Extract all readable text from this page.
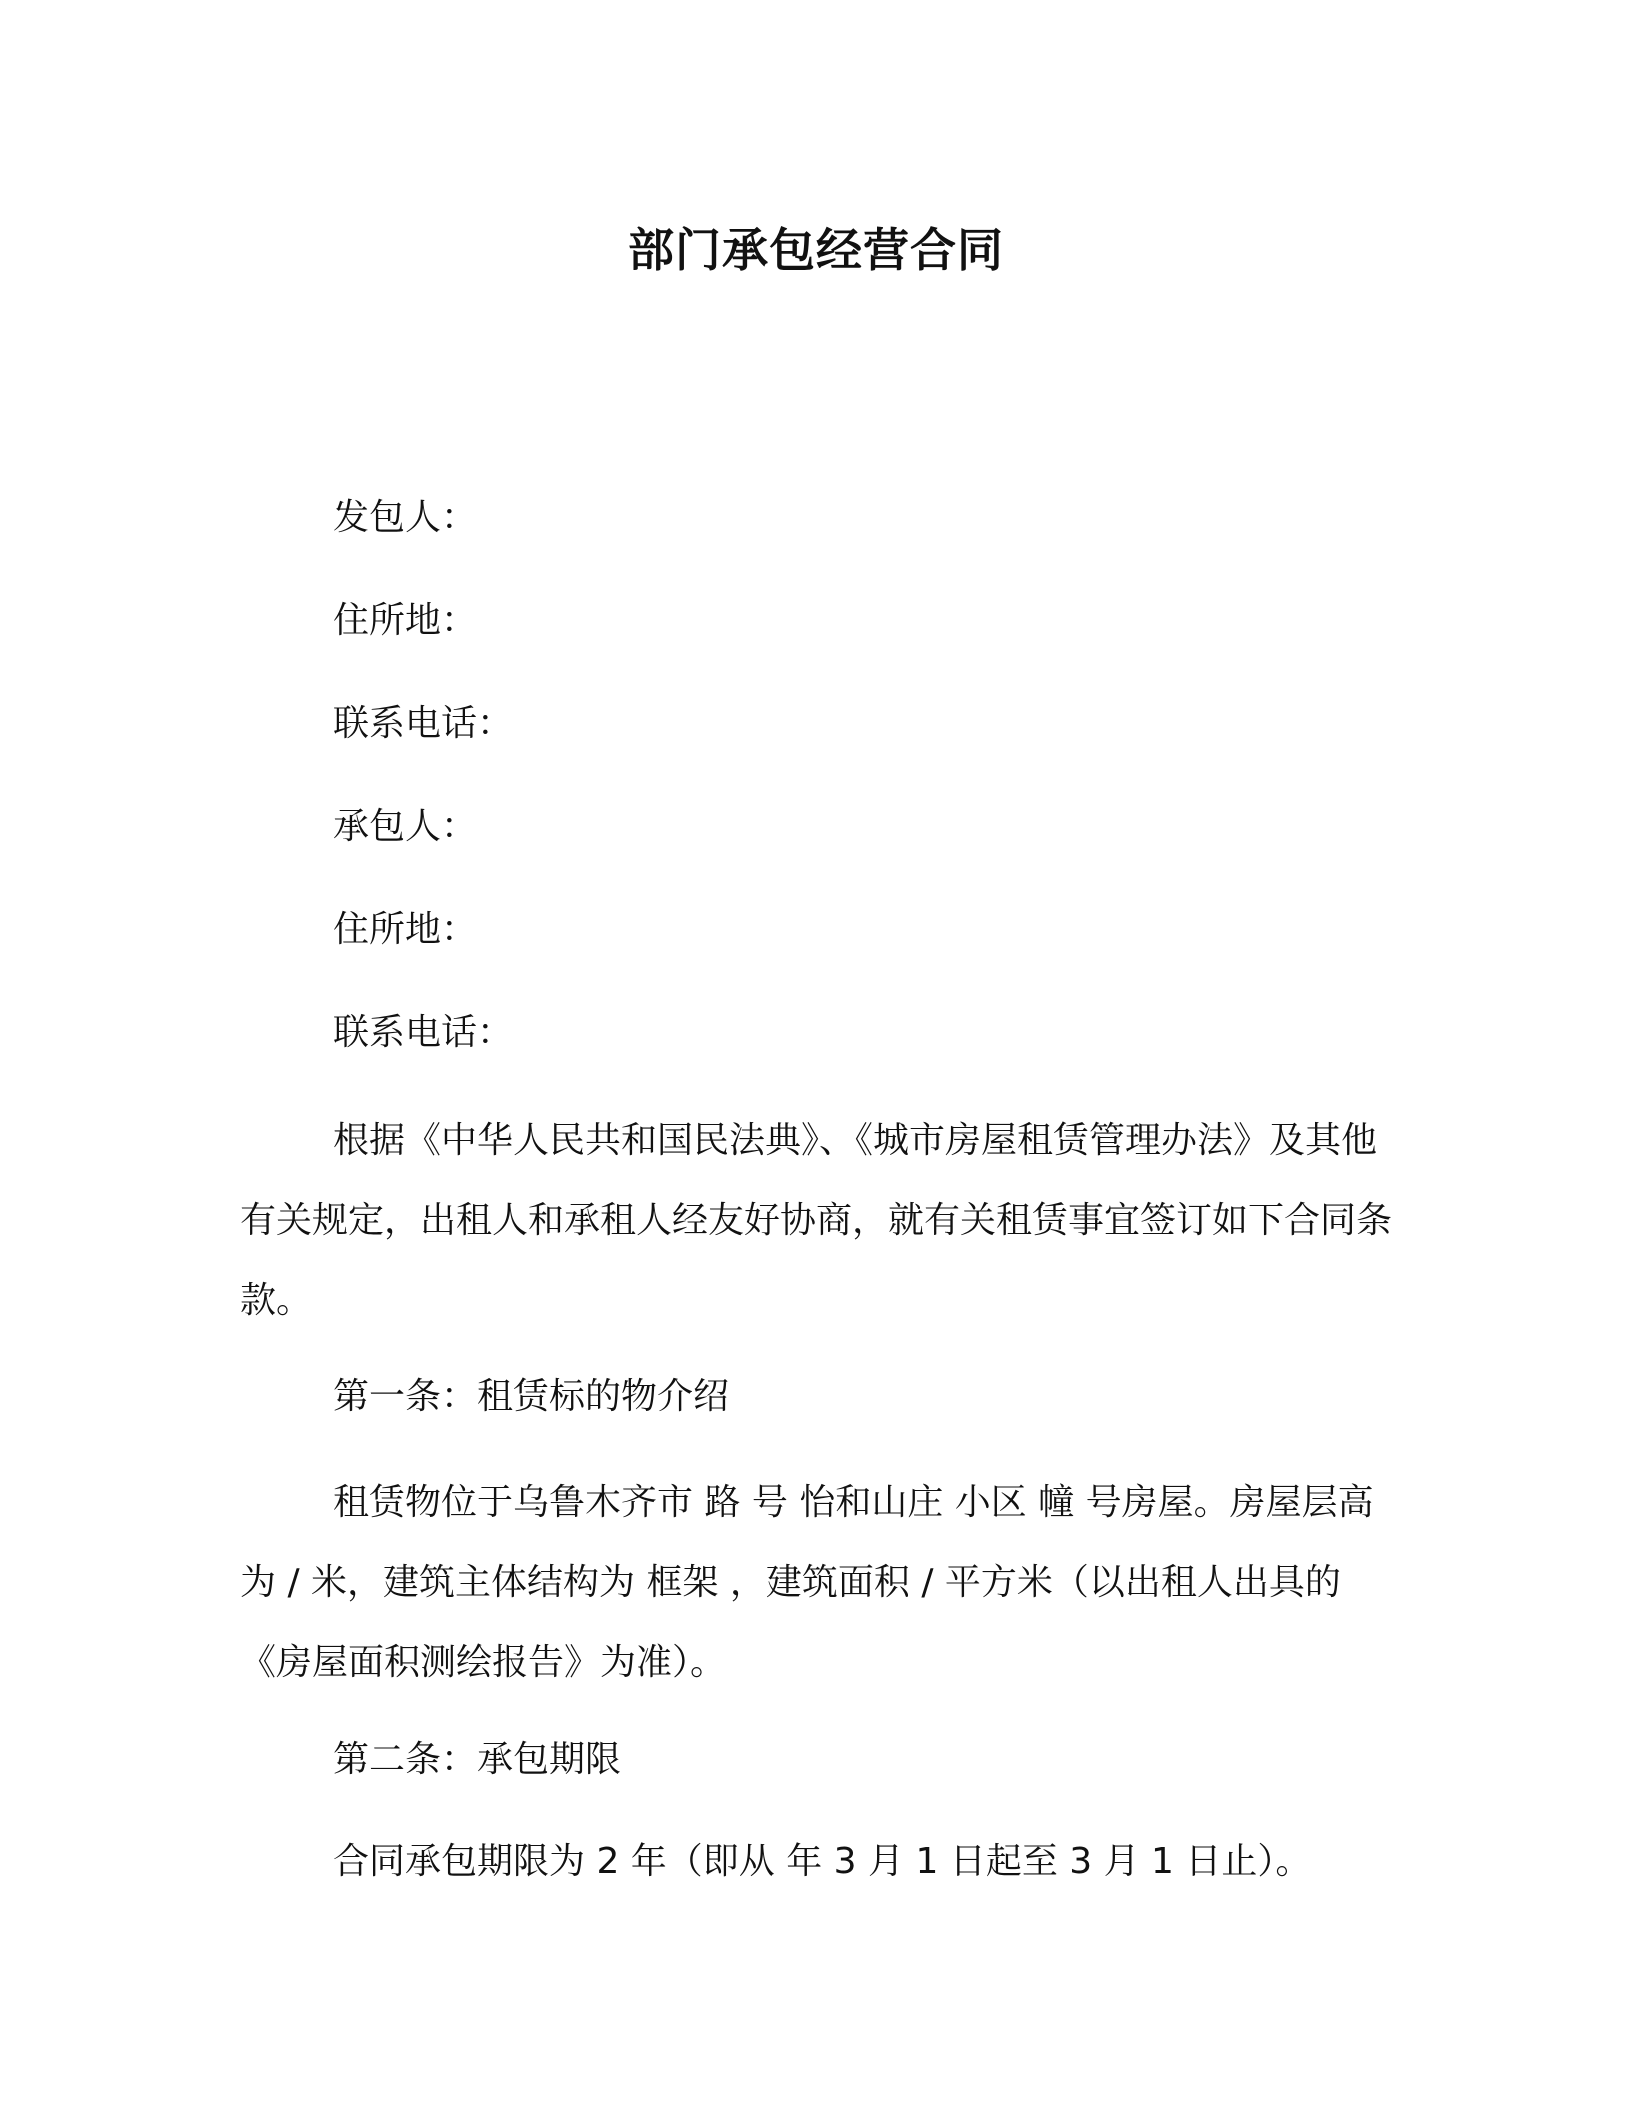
部门承包经营合同
发包人：
住所地：
联系电话：
承包人：
住所地：
联系电话：

根据《中华人民共和国民法典》、《城市房屋租赁管理办法》及其他有关规定，出租人和承租人经友好协商，就有关租赁事宜签订如下合同条款。

第一条：租赁标的物介绍

租赁物位于乌鲁木齐市 路 号 怡和山庄 小区 幢 号房屋。房屋层高为 / 米，建筑主体结构为 框架 ，建筑面积 / 平方米（以出租人出具的《房屋面积测绘报告》为准）。

第二条：承包期限
合同承包期限为 2 年（即从 年 3 月 1 日起至 3 月 1 日止）。
